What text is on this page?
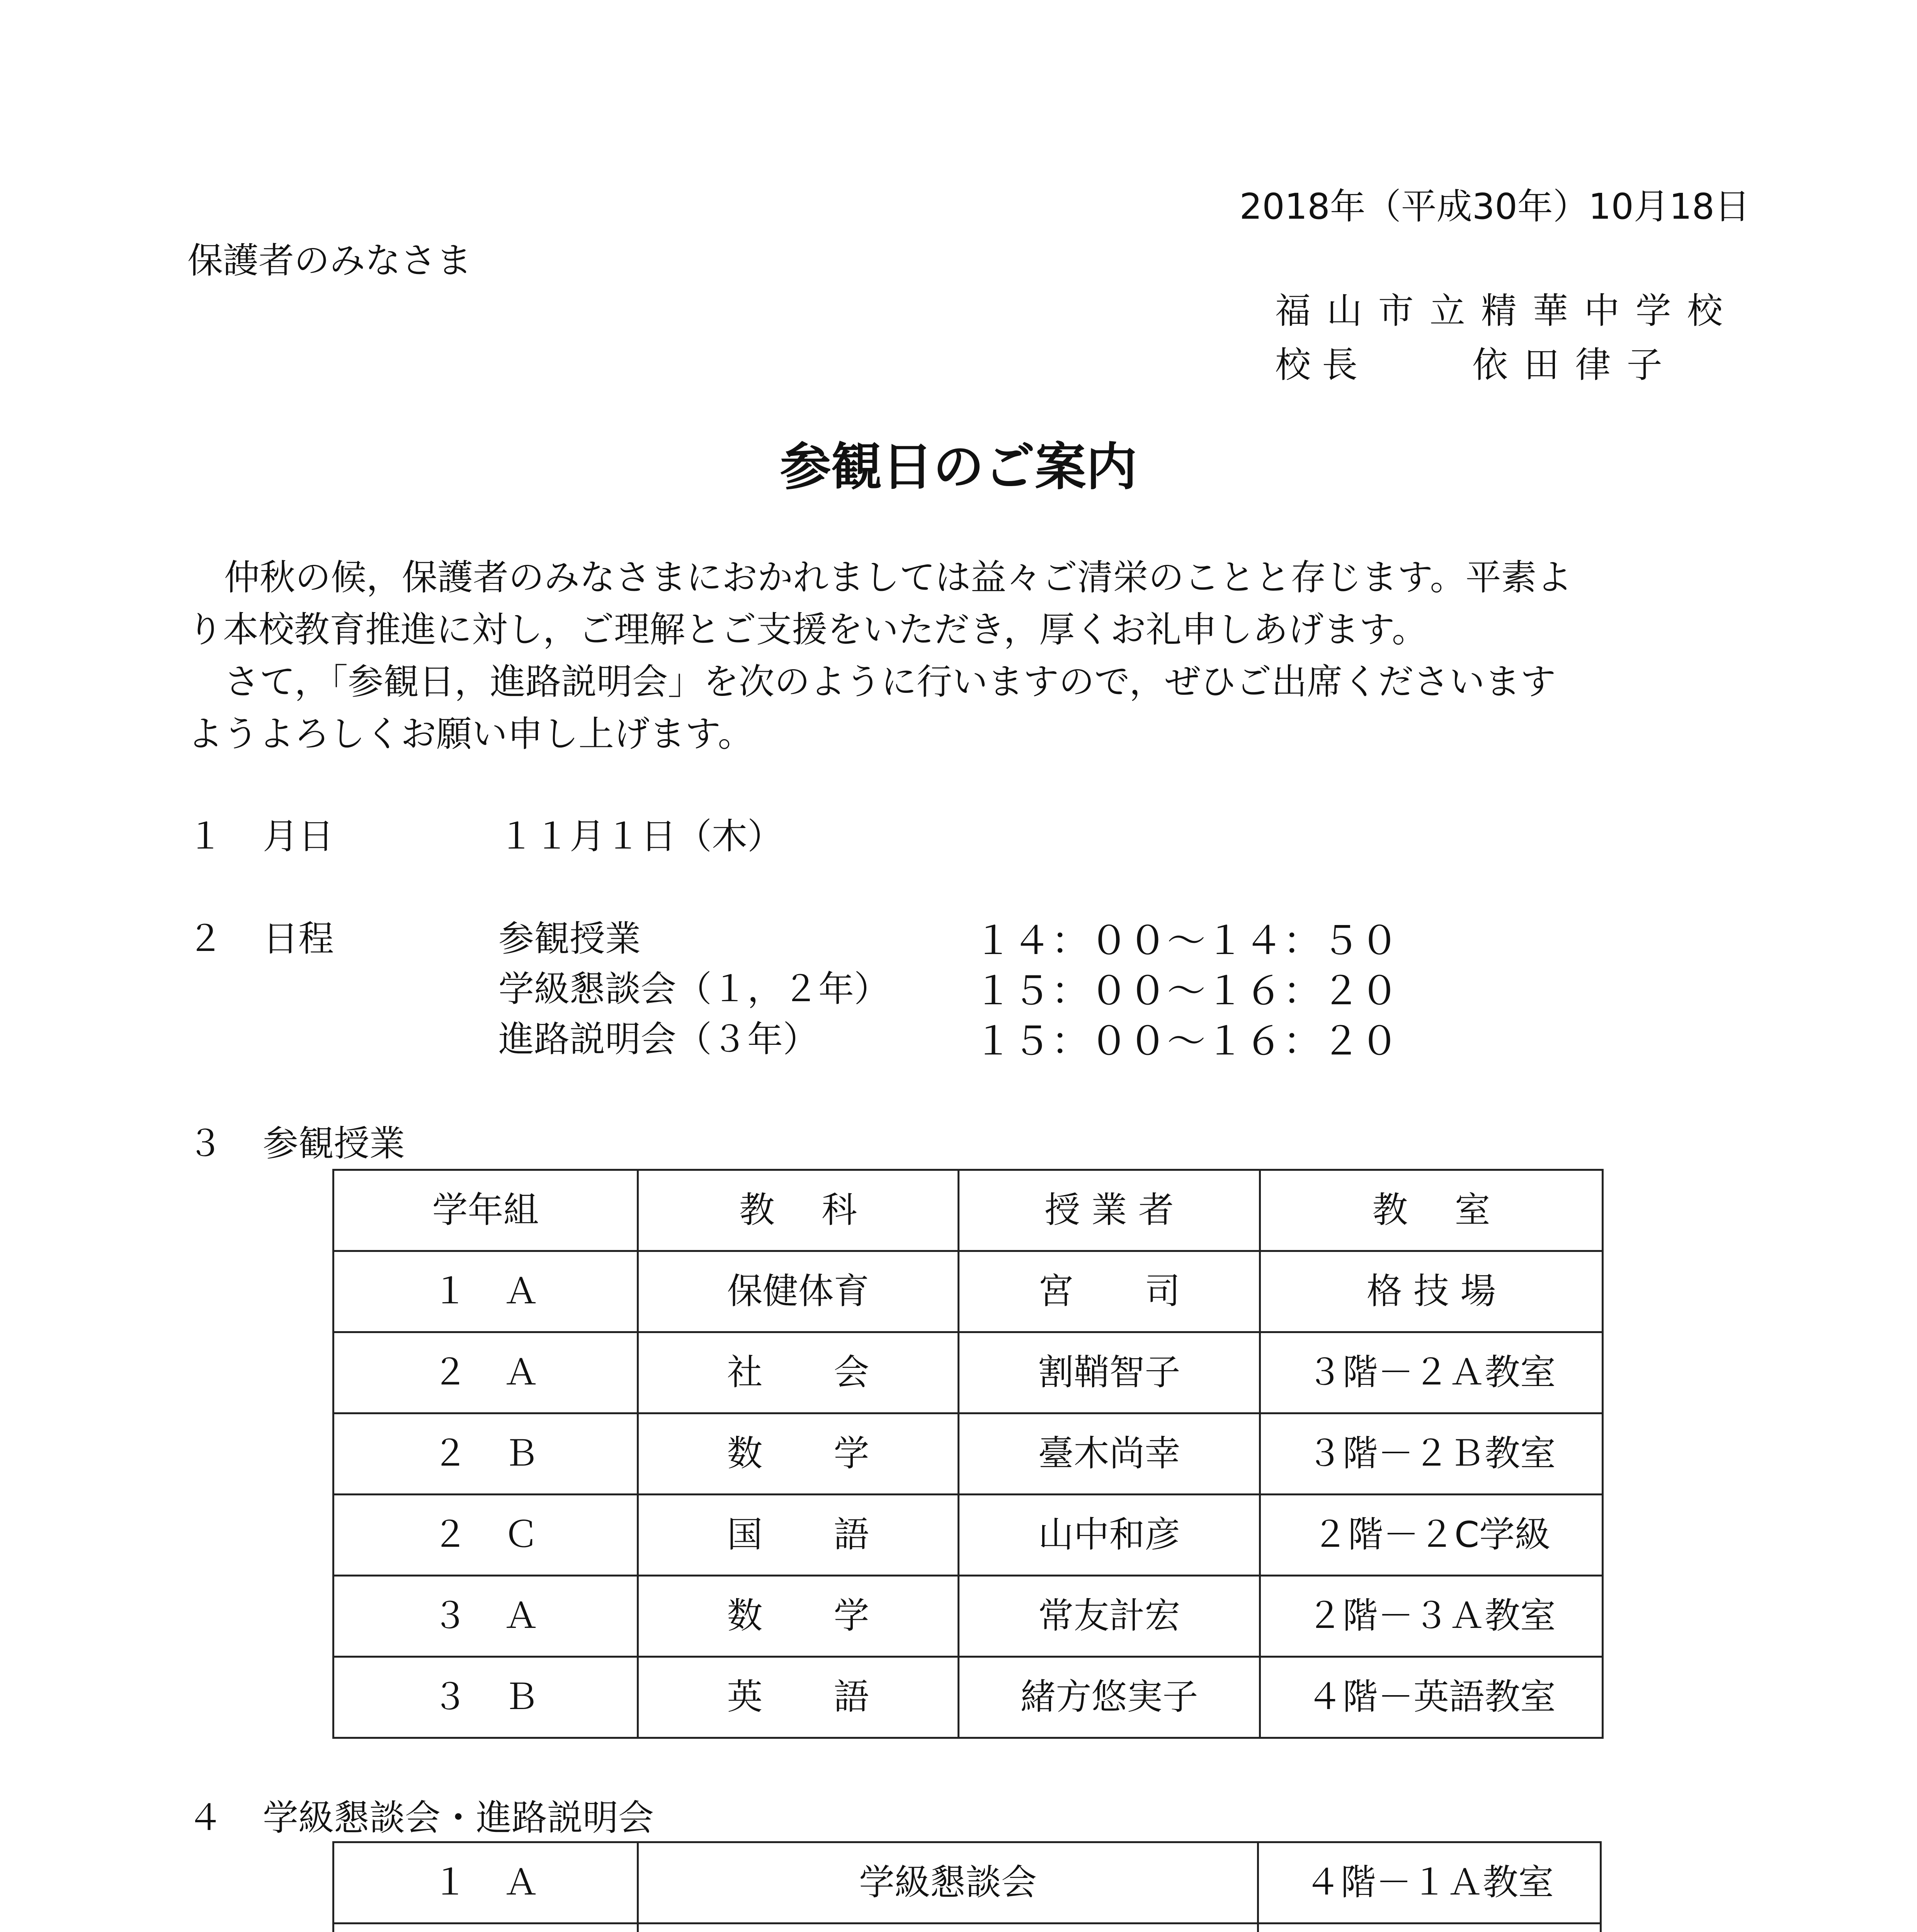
2018年（平成30年）10月18日
保護者のみなさま
福 山 市 立 精 華 中 学 校
校 長	依 田 律 子
参観日のご案内
仲秋の候，保護者のみなさまにおかれましては益々ご清栄のことと存じます。平素よ
り本校教育推進に対し，ご理解とご支援をいただき，厚くお礼申しあげます。
さて，「参観日，進路説明会」を次のように行いますので，ぜひご出席くださいます
ようよろしくお願い申し上げます。
１ 月日	１１月１日（木）
２ 日程	参観授業	１４：００〜１４：５０
学級懇談会（１，２年） １５：００〜１６：２０
進路説明会（３年）	１５：００〜１６：２０
３ 参観授業
学年組	教　 科	授 業 者	教　 室
１　Ａ	保健体育	宮　　司	格 技 場
２　Ａ	社　　会	割鞘智子	３階－２Ａ教室
２　Ｂ	数　　学	臺木尚幸	３階－２Ｂ教室
２　Ｃ	国　　語	山中和彦	２階－２C学級
３　Ａ	数　　学	常友計宏	２階－３Ａ教室
３　Ｂ	英　　語	緒方悠実子	４階－英語教室
４ 学級懇談会・進路説明会
１　Ａ	学級懇談会	４階－１Ａ教室
